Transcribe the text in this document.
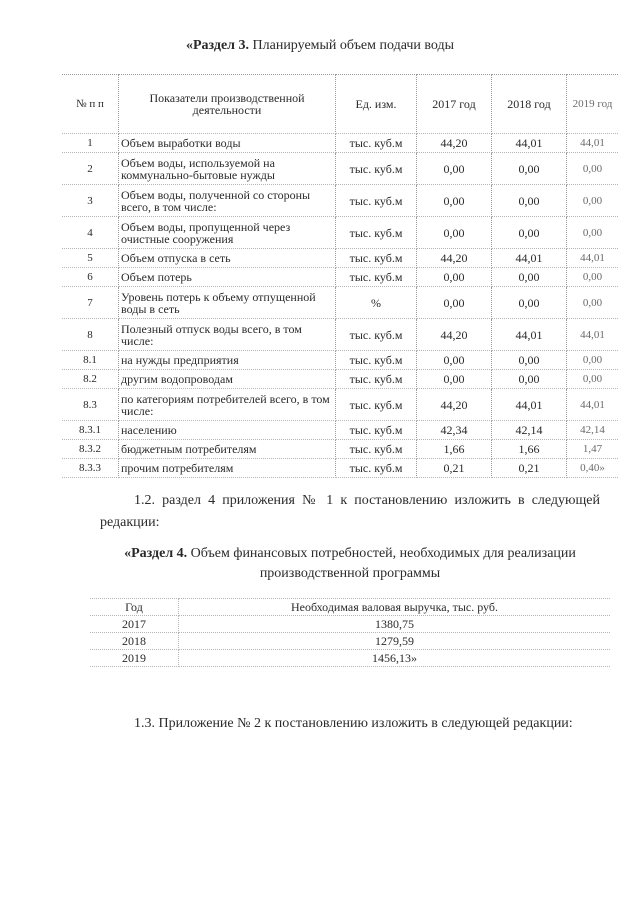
«Раздел 3. Планируемый объем подачи воды
№ п п	Показатели производственной деятельности	Ед. изм.	2017 год	2018 год	2019 год
1	Объем выработки воды	тыс. куб.м	44,20	44,01	44,01
2	Объем воды, используемой на коммунально-бытовые нужды	тыс. куб.м	0,00	0,00	0,00
3	Объем воды, полученной со стороны всего, в том числе:	тыс. куб.м	0,00	0,00	0,00
4	Объем воды, пропущенной через очистные сооружения	тыс. куб.м	0,00	0,00	0,00
5	Объем отпуска в сеть	тыс. куб.м	44,20	44,01	44,01
6	Объем потерь	тыс. куб.м	0,00	0,00	0,00
7	Уровень потерь к объему отпущенной воды в сеть	%	0,00	0,00	0,00
8	Полезный отпуск воды всего, в том числе:	тыс. куб.м	44,20	44,01	44,01
8.1	на нужды предприятия	тыс. куб.м	0,00	0,00	0,00
8.2	другим водопроводам	тыс. куб.м	0,00	0,00	0,00
8.3	по категориям потребителей всего, в том числе:	тыс. куб.м	44,20	44,01	44,01
8.3.1	населению	тыс. куб.м	42,34	42,14	42,14
8.3.2	бюджетным потребителям	тыс. куб.м	1,66	1,66	1,47
8.3.3	прочим потребителям	тыс. куб.м	0,21	0,21	0,40»
1.2. раздел 4 приложения № 1 к постановлению изложить в следующей редакции:
«Раздел 4. Объем финансовых потребностей, необходимых для реализации производственной программы
Год	Необходимая валовая выручка, тыс. руб.
2017	1380,75
2018	1279,59
2019	1456,13»
1.3. Приложение № 2 к постановлению изложить в следующей редакции:
